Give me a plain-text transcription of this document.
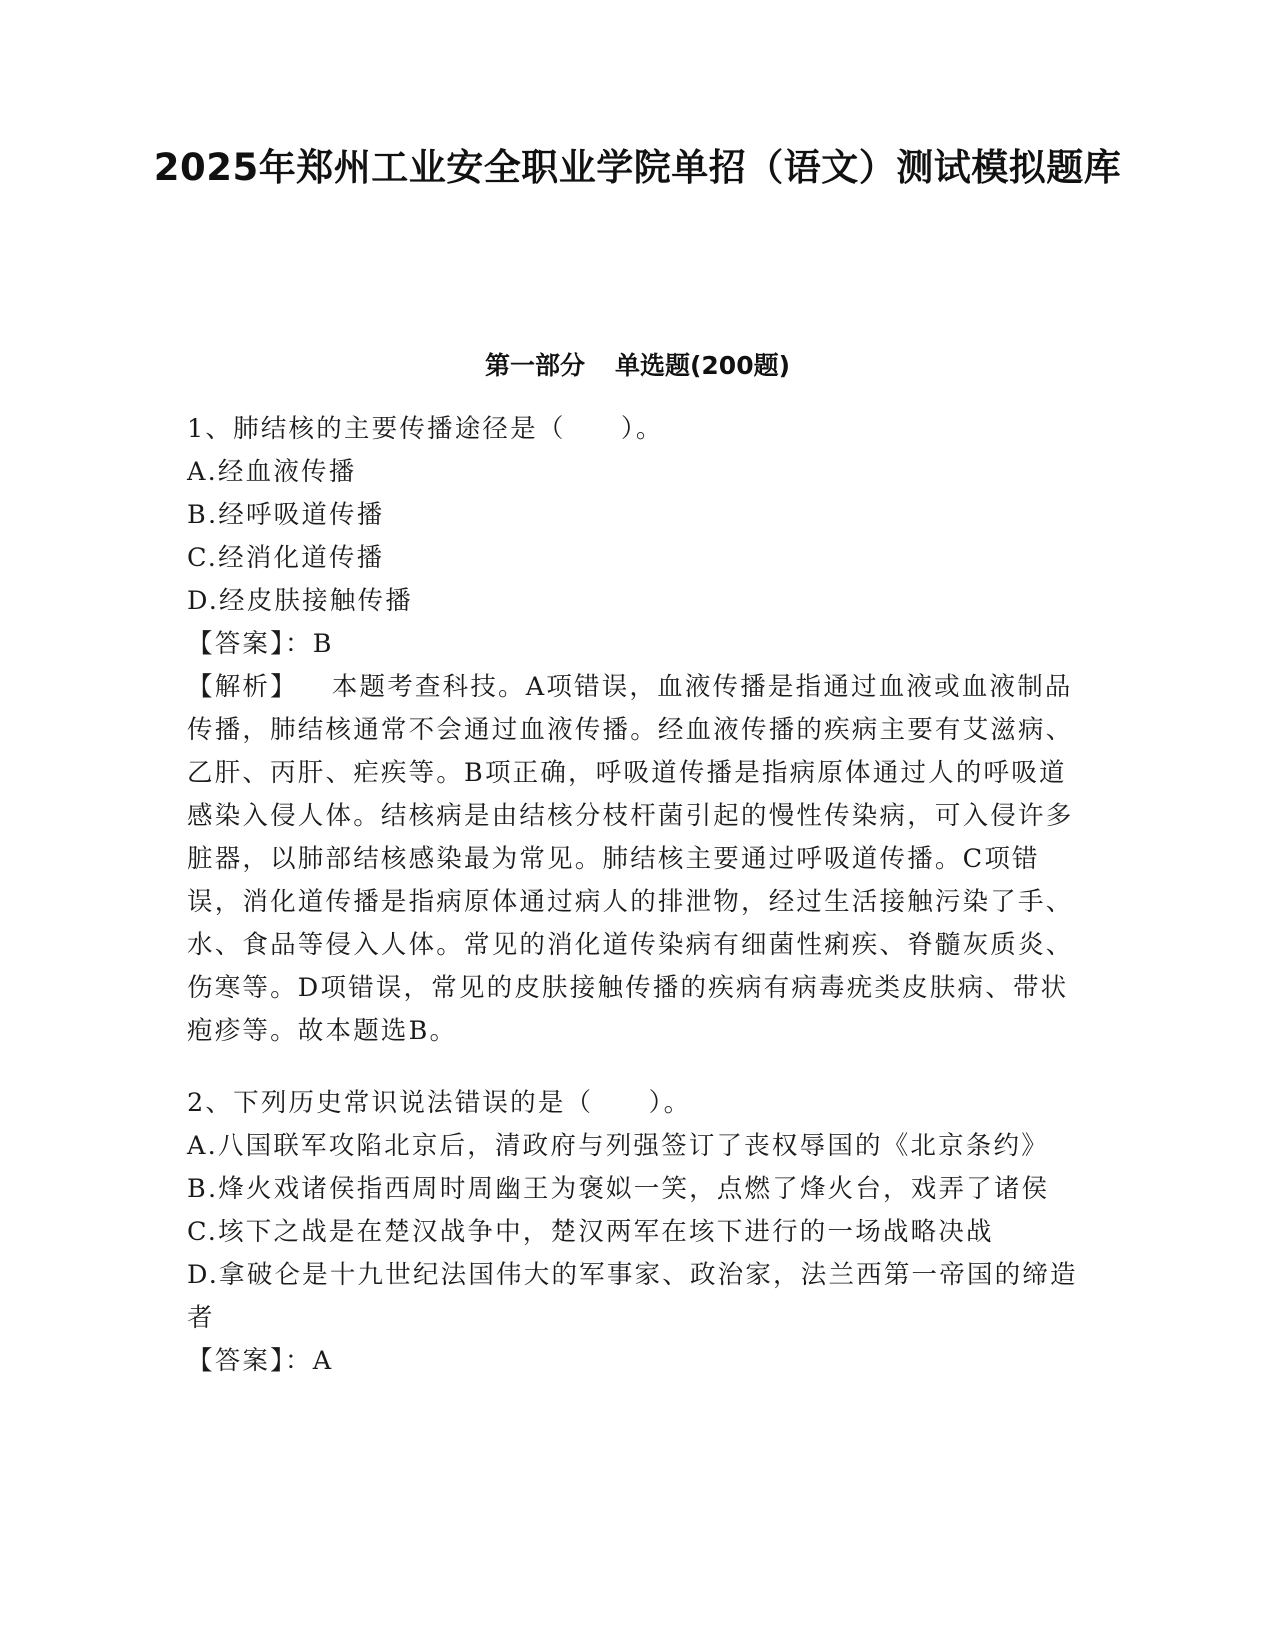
2025年郑州工业安全职业学院单招（语文）测试模拟题库
第一部分 单选题(200题)
1、肺结核的主要传播途径是（　　）。
A.经血液传播
B.经呼吸道传播
C.经消化道传播
D.经皮肤接触传播
【答案】：B
【解析】 本题考查科技。A项错误，血液传播是指通过血液或血液制品传播，肺结核通常不会通过血液传播。经血液传播的疾病主要有艾滋病、乙肝、丙肝、疟疾等。B项正确，呼吸道传播是指病原体通过人的呼吸道感染入侵人体。结核病是由结核分枝杆菌引起的慢性传染病，可入侵许多脏器，以肺部结核感染最为常见。肺结核主要通过呼吸道传播。C项错误，消化道传播是指病原体通过病人的排泄物，经过生活接触污染了手、水、食品等侵入人体。常见的消化道传染病有细菌性痢疾、脊髓灰质炎、伤寒等。D项错误，常见的皮肤接触传播的疾病有病毒疣类皮肤病、带状疱疹等。故本题选B。
2、下列历史常识说法错误的是（　　）。
A.八国联军攻陷北京后，清政府与列强签订了丧权辱国的《北京条约》
B.烽火戏诸侯指西周时周幽王为褒姒一笑，点燃了烽火台，戏弄了诸侯
C.垓下之战是在楚汉战争中，楚汉两军在垓下进行的一场战略决战
D.拿破仑是十九世纪法国伟大的军事家、政治家，法兰西第一帝国的缔造者
【答案】：A
